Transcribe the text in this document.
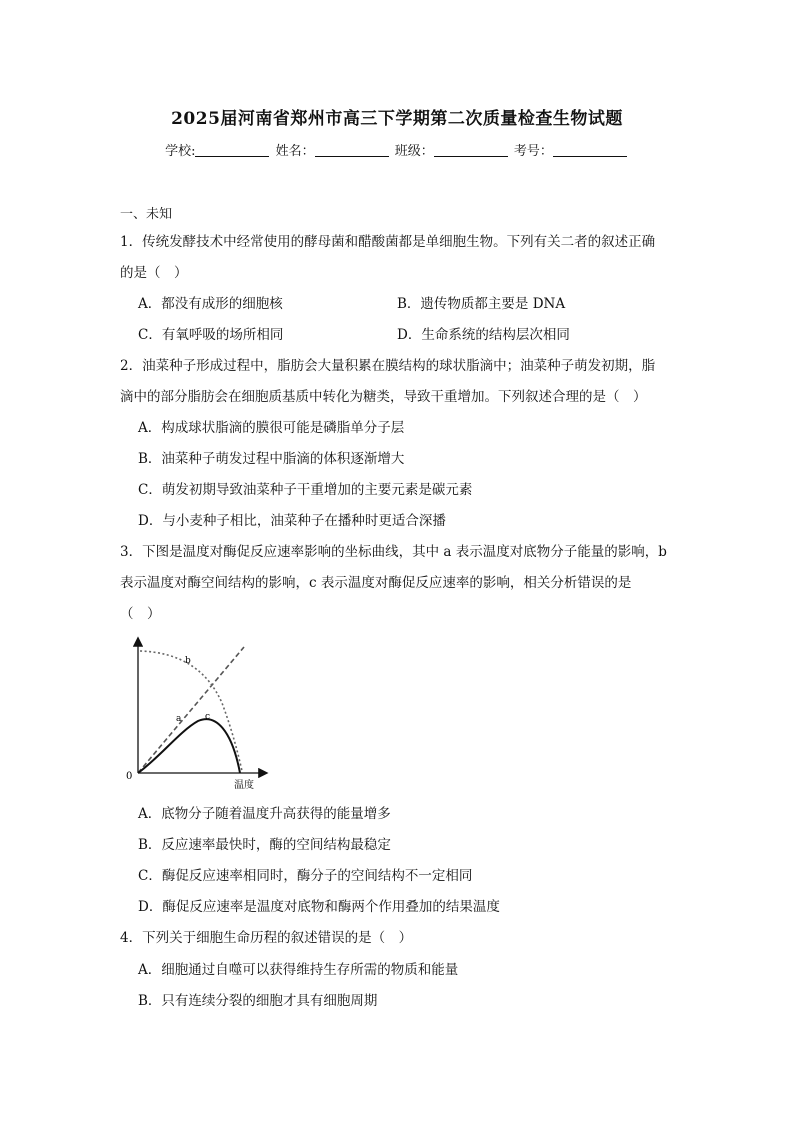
2025届河南省郑州市高三下学期第二次质量检查生物试题
学校:	姓名：	班级：	考号：
一、未知
1．传统发酵技术中经常使用的酵母菌和醋酸菌都是单细胞生物。下列有关二者的叙述正确
的是（　）
A．都没有成形的细胞核	B．遗传物质都主要是 DNA
C．有氧呼吸的场所相同	D．生命系统的结构层次相同
2．油菜种子形成过程中，脂肪会大量积累在膜结构的球状脂滴中；油菜种子萌发初期，脂
滴中的部分脂肪会在细胞质基质中转化为糖类，导致干重增加。下列叙述合理的是（　）
A．构成球状脂滴的膜很可能是磷脂单分子层
B．油菜种子萌发过程中脂滴的体积逐渐增大
C．萌发初期导致油菜种子干重增加的主要元素是碳元素
D．与小麦种子相比，油菜种子在播种时更适合深播
3．下图是温度对酶促反应速率影响的坐标曲线，其中 a 表示温度对底物分子能量的影响，b
表示温度对酶空间结构的影响，c 表示温度对酶促反应速率的影响，相关分析错误的是
（　）
0
温度
a
b
c
A．底物分子随着温度升高获得的能量增多
B．反应速率最快时，酶的空间结构最稳定
C．酶促反应速率相同时，酶分子的空间结构不一定相同
D．酶促反应速率是温度对底物和酶两个作用叠加的结果温度
4．下列关于细胞生命历程的叙述错误的是（　）
A．细胞通过自噬可以获得维持生存所需的物质和能量
B．只有连续分裂的细胞才具有细胞周期
